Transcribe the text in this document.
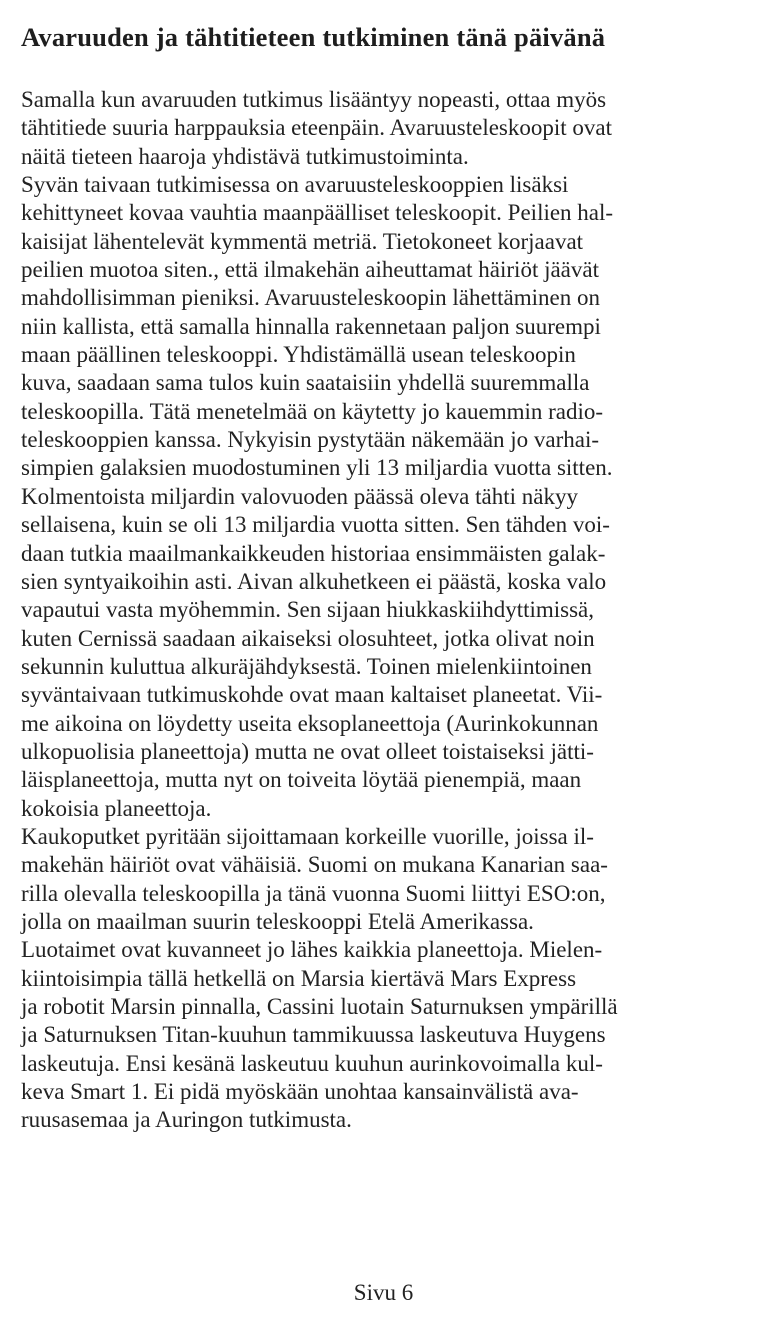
Avaruuden ja tähtitieteen tutkiminen tänä päivänä
Samalla kun avaruuden tutkimus lisääntyy nopeasti, ottaa myös
tähtitiede suuria harppauksia eteenpäin. Avaruusteleskoopit ovat
näitä tieteen haaroja yhdistävä tutkimustoiminta.
Syvän taivaan tutkimisessa on avaruusteleskooppien lisäksi
kehittyneet kovaa vauhtia maanpäälliset teleskoopit. Peilien hal-
kaisijat lähentelevät kymmentä metriä. Tietokoneet korjaavat
peilien muotoa siten., että ilmakehän aiheuttamat häiriöt jäävät
mahdollisimman pieniksi. Avaruusteleskoopin lähettäminen on
niin kallista, että samalla hinnalla rakennetaan paljon suurempi
maan päällinen teleskooppi. Yhdistämällä usean teleskoopin
kuva, saadaan sama tulos kuin saataisiin yhdellä suuremmalla
teleskoopilla. Tätä menetelmää on käytetty jo kauemmin radio-
teleskooppien kanssa. Nykyisin pystytään näkemään jo varhai-
simpien galaksien muodostuminen yli 13 miljardia vuotta sitten.
Kolmentoista miljardin valovuoden päässä oleva tähti näkyy
sellaisena, kuin se oli 13 miljardia vuotta sitten. Sen tähden voi-
daan tutkia maailmankaikkeuden historiaa ensimmäisten galak-
sien syntyaikoihin asti. Aivan alkuhetkeen ei päästä, koska valo
vapautui vasta myöhemmin. Sen sijaan hiukkaskiihdyttimissä,
kuten Cernissä saadaan aikaiseksi olosuhteet, jotka olivat noin
sekunnin kuluttua alkuräjähdyksestä. Toinen mielenkiintoinen
syväntaivaan tutkimuskohde ovat maan kaltaiset planeetat. Vii-
me aikoina on löydetty useita eksoplaneettoja (Aurinkokunnan
ulkopuolisia planeettoja) mutta ne ovat olleet toistaiseksi jätti-
läisplaneettoja, mutta nyt on toiveita löytää pienempiä, maan
kokoisia planeettoja.
Kaukoputket pyritään sijoittamaan korkeille vuorille, joissa il-
makehän häiriöt ovat vähäisiä. Suomi on mukana Kanarian saa-
rilla olevalla teleskoopilla ja tänä vuonna Suomi liittyi ESO:on,
jolla on maailman suurin teleskooppi Etelä Amerikassa.
Luotaimet ovat kuvanneet jo lähes kaikkia planeettoja. Mielen-
kiintoisimpia tällä hetkellä on Marsia kiertävä Mars Express
ja robotit Marsin pinnalla, Cassini luotain Saturnuksen ympärillä
ja Saturnuksen Titan-kuuhun tammikuussa laskeutuva Huygens
laskeutuja. Ensi kesänä laskeutuu kuuhun aurinkovoimalla kul-
keva Smart 1. Ei pidä myöskään unohtaa kansainvälistä ava-
ruusasemaa ja Auringon tutkimusta.
Sivu 6
